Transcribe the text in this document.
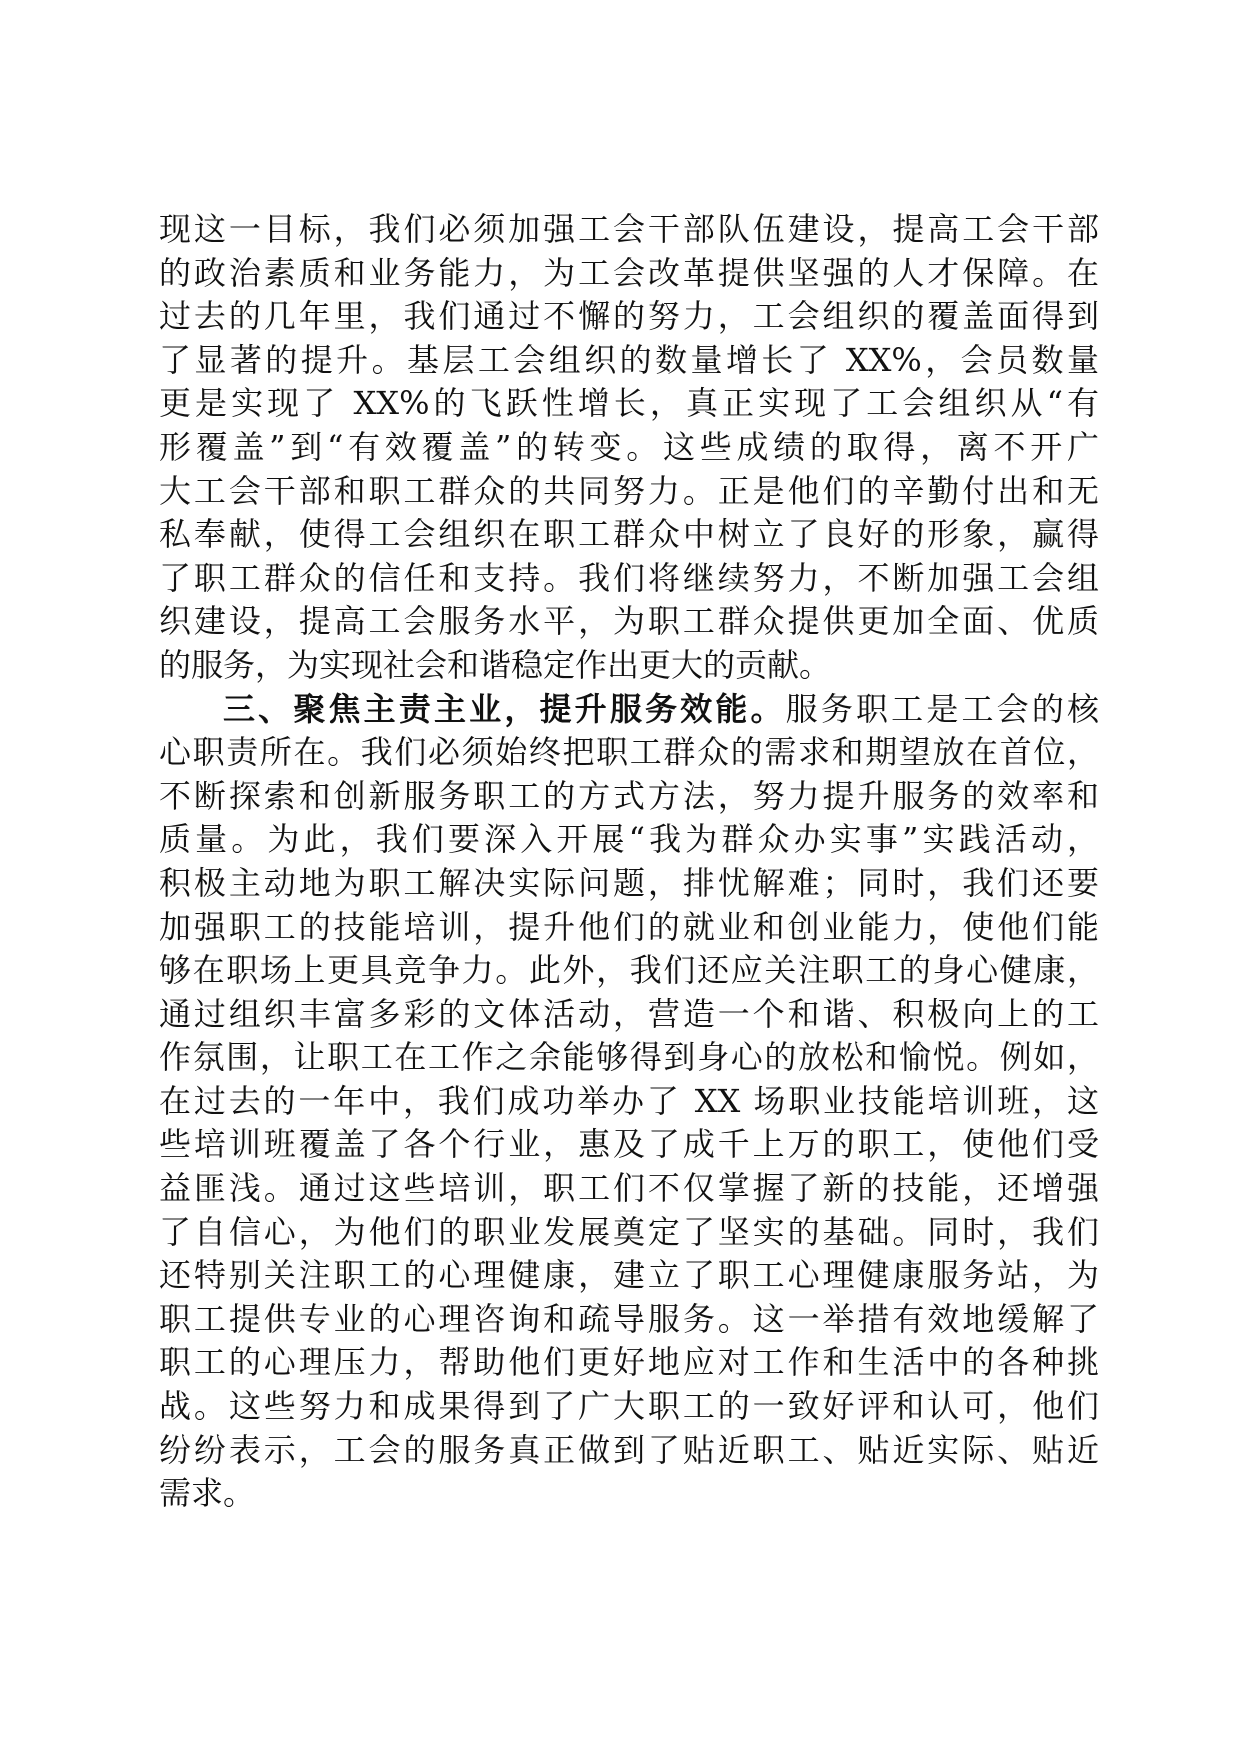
现这一目标，我们必须加强工会干部队伍建设，提高工会干部
的政治素质和业务能力，为工会改革提供坚强的人才保障。在
过去的几年里，我们通过不懈的努力，工会组织的覆盖面得到
了显著的提升。基层工会组织的数量增长了 XX%，会员数量
更是实现了 XX%的飞跃性增长，真正实现了工会组织从“有
形覆盖”到“有效覆盖”的转变。这些成绩的取得，离不开广
大工会干部和职工群众的共同努力。正是他们的辛勤付出和无
私奉献，使得工会组织在职工群众中树立了良好的形象，赢得
了职工群众的信任和支持。我们将继续努力，不断加强工会组
织建设，提高工会服务水平，为职工群众提供更加全面、优质
的服务，为实现社会和谐稳定作出更大的贡献。
三、聚焦主责主业，提升服务效能。服务职工是工会的核
心职责所在。我们必须始终把职工群众的需求和期望放在首位，
不断探索和创新服务职工的方式方法，努力提升服务的效率和
质量。为此，我们要深入开展“我为群众办实事”实践活动，
积极主动地为职工解决实际问题，排忧解难；同时，我们还要
加强职工的技能培训，提升他们的就业和创业能力，使他们能
够在职场上更具竞争力。此外，我们还应关注职工的身心健康，
通过组织丰富多彩的文体活动，营造一个和谐、积极向上的工
作氛围，让职工在工作之余能够得到身心的放松和愉悦。例如，
在过去的一年中，我们成功举办了 XX 场职业技能培训班，这
些培训班覆盖了各个行业，惠及了成千上万的职工，使他们受
益匪浅。通过这些培训，职工们不仅掌握了新的技能，还增强
了自信心，为他们的职业发展奠定了坚实的基础。同时，我们
还特别关注职工的心理健康，建立了职工心理健康服务站，为
职工提供专业的心理咨询和疏导服务。这一举措有效地缓解了
职工的心理压力，帮助他们更好地应对工作和生活中的各种挑
战。这些努力和成果得到了广大职工的一致好评和认可，他们
纷纷表示，工会的服务真正做到了贴近职工、贴近实际、贴近
需求。
